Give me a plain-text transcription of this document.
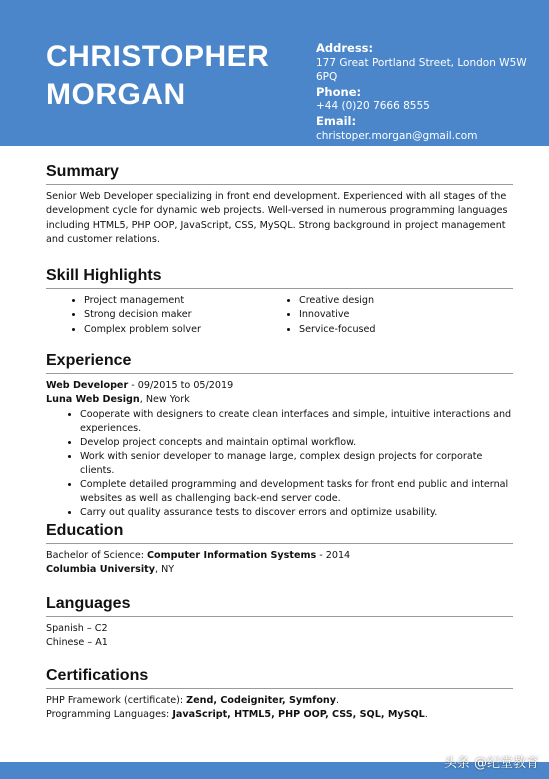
CHRISTOPHER
MORGAN
Address:
177 Great Portland Street, London W5W 6PQ
Phone:
+44 (0)20 7666 8555
Email:
christoper.morgan@gmail.com
Summary
Senior Web Developer specializing in front end development. Experienced with all stages of the development cycle for dynamic web projects. Well-versed in numerous programming languages including HTML5, PHP OOP, JavaScript, CSS, MySQL. Strong background in project management and customer relations.
Skill Highlights
• Project management
• Strong decision maker
• Complex problem solver
• Creative design
• Innovative
• Service-focused
Experience
Web Developer - 09/2015 to 05/2019
Luna Web Design, New York
• Cooperate with designers to create clean interfaces and simple, intuitive interactions and experiences.
• Develop project concepts and maintain optimal workflow.
• Work with senior developer to manage large, complex design projects for corporate clients.
• Complete detailed programming and development tasks for front end public and internal websites as well as challenging back-end server code.
• Carry out quality assurance tests to discover errors and optimize usability.
Education
Bachelor of Science: Computer Information Systems - 2014
Columbia University, NY
Languages
Spanish – C2
Chinese – A1
Certifications
PHP Framework (certificate): Zend, Codeigniter, Symfony.
Programming Languages: JavaScript, HTML5, PHP OOP, CSS, SQL, MySQL.
头条 @纪堂教育
